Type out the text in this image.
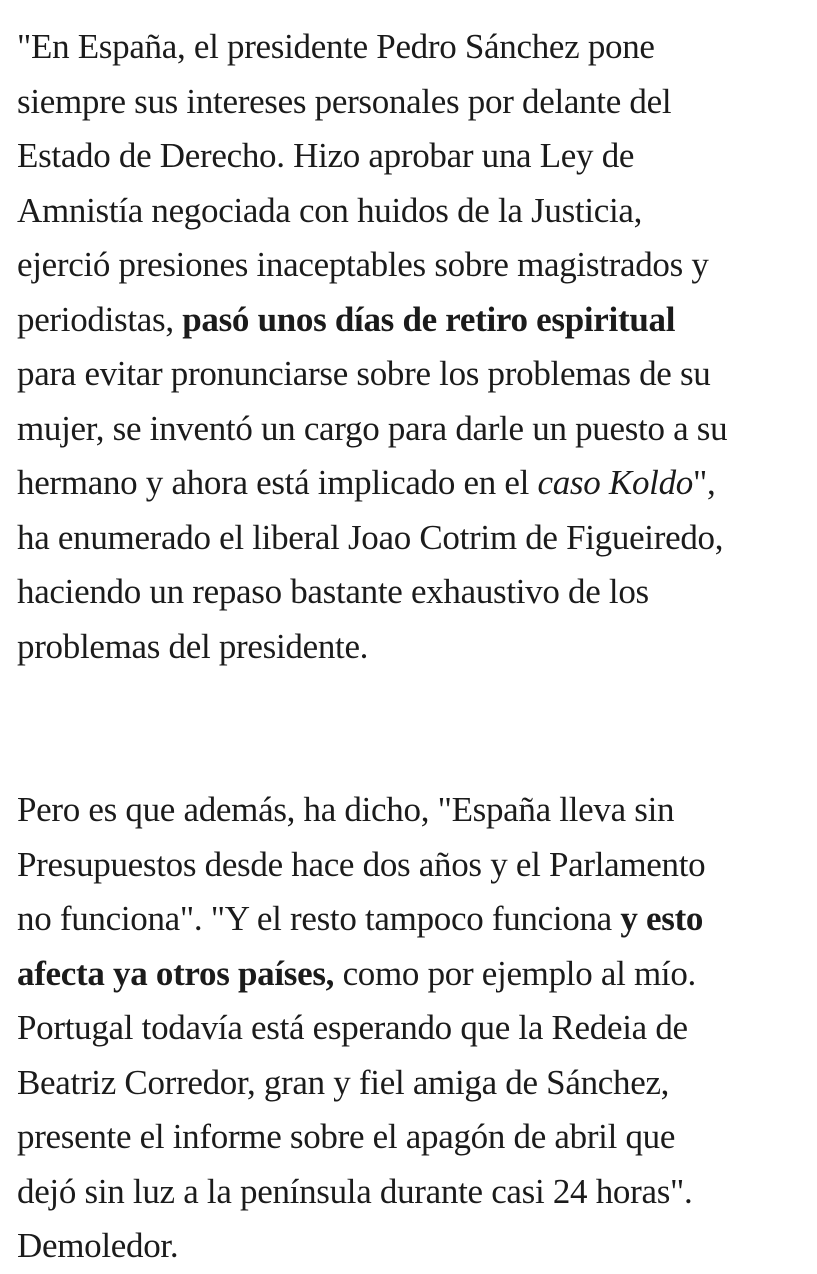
"En España, el presidente Pedro Sánchez pone
siempre sus intereses personales por delante del
Estado de Derecho. Hizo aprobar una Ley de
Amnistía negociada con huidos de la Justicia,
ejerció presiones inaceptables sobre magistrados y
periodistas, pasó unos días de retiro espiritual
para evitar pronunciarse sobre los problemas de su
mujer, se inventó un cargo para darle un puesto a su
hermano y ahora está implicado en el caso Koldo",
ha enumerado el liberal Joao Cotrim de Figueiredo,
haciendo un repaso bastante exhaustivo de los
problemas del presidente.

Pero es que además, ha dicho, "España lleva sin
Presupuestos desde hace dos años y el Parlamento
no funciona". "Y el resto tampoco funciona y esto
afecta ya otros países, como por ejemplo al mío.
Portugal todavía está esperando que la Redeia de
Beatriz Corredor, gran y fiel amiga de Sánchez,
presente el informe sobre el apagón de abril que
dejó sin luz a la península durante casi 24 horas".
Demoledor.
